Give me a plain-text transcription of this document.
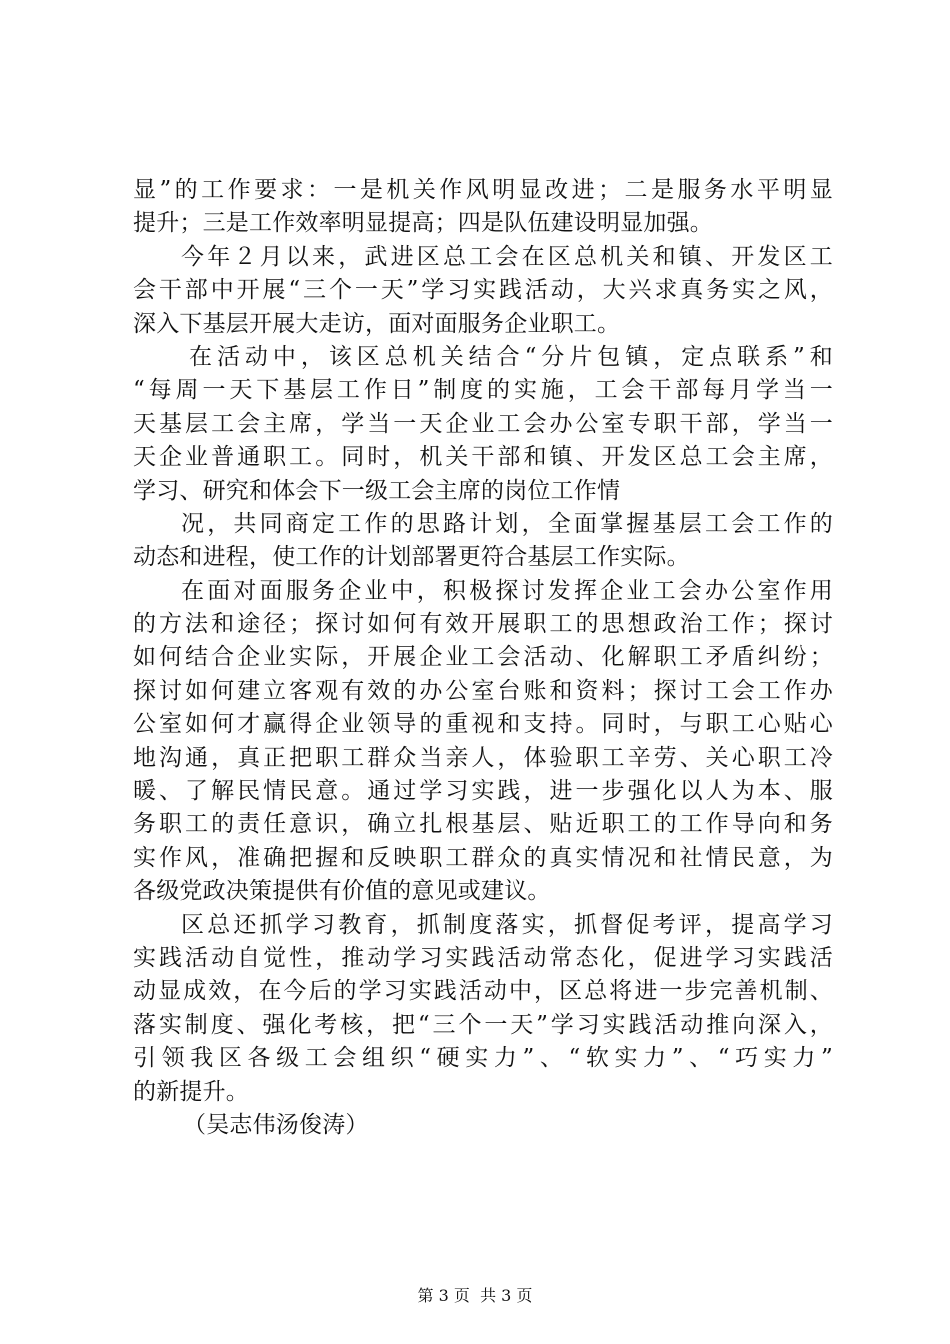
显”的工作要求：一是机关作风明显改进；二是服务水平明显
提升；三是工作效率明显提高；四是队伍建设明显加强。
今年２月以来，武进区总工会在区总机关和镇、开发区工
会干部中开展“三个一天”学习实践活动，大兴求真务实之风，
深入下基层开展大走访，面对面服务企业职工。
在活动中，该区总机关结合“分片包镇，定点联系”和
“每周一天下基层工作日”制度的实施，工会干部每月学当一
天基层工会主席，学当一天企业工会办公室专职干部，学当一
天企业普通职工。同时，机关干部和镇、开发区总工会主席，
学习、研究和体会下一级工会主席的岗位工作情
况，共同商定工作的思路计划，全面掌握基层工会工作的
动态和进程，使工作的计划部署更符合基层工作实际。
在面对面服务企业中，积极探讨发挥企业工会办公室作用
的方法和途径；探讨如何有效开展职工的思想政治工作；探讨
如何结合企业实际，开展企业工会活动、化解职工矛盾纠纷；
探讨如何建立客观有效的办公室台账和资料；探讨工会工作办
公室如何才赢得企业领导的重视和支持。同时，与职工心贴心
地沟通，真正把职工群众当亲人，体验职工辛劳、关心职工冷
暖、了解民情民意。通过学习实践，进一步强化以人为本、服
务职工的责任意识，确立扎根基层、贴近职工的工作导向和务
实作风，准确把握和反映职工群众的真实情况和社情民意，为
各级党政决策提供有价值的意见或建议。
区总还抓学习教育，抓制度落实，抓督促考评，提高学习
实践活动自觉性，推动学习实践活动常态化，促进学习实践活
动显成效，在今后的学习实践活动中，区总将进一步完善机制、
落实制度、强化考核，把“三个一天”学习实践活动推向深入，
引领我区各级工会组织“硬实力”、“软实力”、“巧实力”
的新提升。
（吴志伟汤俊涛）
第 3 页  共 3 页
